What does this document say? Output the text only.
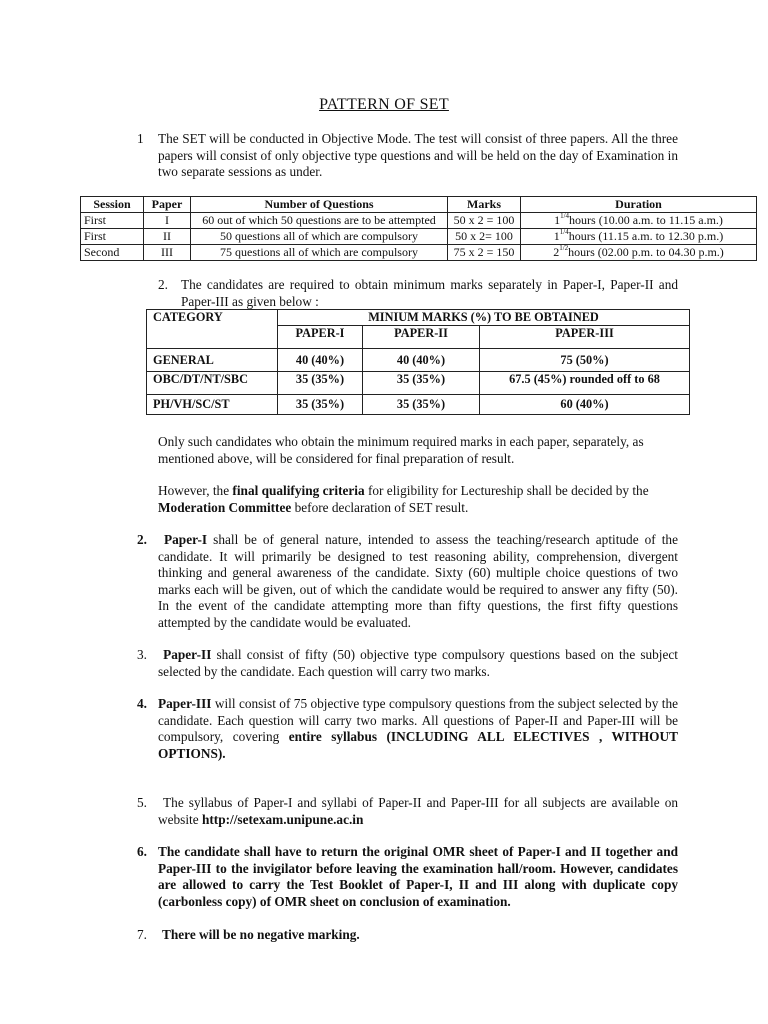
PATTERN OF SET
1 The SET will be conducted in Objective Mode. The test will consist of three papers. All the three papers will consist of only objective type questions and will be held on the day of Examination in two separate sessions as under.
Session	Paper	Number of Questions	Marks	Duration
First	I	60 out of which 50 questions are to be attempted	50 x 2 = 100	$1^{1/4}hours$ (10.00 a.m. to 11.15 a.m.)
First	II	50 questions all of which are compulsory	50 x 2= 100	$1^{1/4}hours$ (11.15 a.m. to 12.30 p.m.)
Second	III	75 questions all of which are compulsory	75 x 2 = 150	$2^{1/2}hours$ (02.00 p.m. to 04.30 p.m.)
2. The candidates are required to obtain minimum marks separately in Paper-I, Paper-II and Paper-III as given below :
CATEGORY	MINIUM MARKS (%) TO BE OBTAINED		
	PAPER-I	PAPER-II	PAPER-III
GENERAL	40 (40%)	40 (40%)	75 (50%)
OBC/DT/NT/SBC	35 (35%)	35 (35%)	67.5 (45%) rounded off to 68
PH/VH/SC/ST	35 (35%)	35 (35%)	60 (40%)
Only such candidates who obtain the minimum required marks in each paper, separately, as mentioned above, will be considered for final preparation of result.
However, the final qualifying criteria for eligibility for Lectureship shall be decided by the Moderation Committee before declaration of SET result.
2.	Paper-I shall be of general nature, intended to assess the teaching/research aptitude of the candidate. It will primarily be designed to test reasoning ability, comprehension, divergent thinking and general awareness of the candidate. Sixty (60) multiple choice questions of two marks each will be given, out of which the candidate would be required to answer any fifty (50). In the event of the candidate attempting more than fifty questions, the first fifty questions attempted by the candidate would be evaluated.
3.	Paper-II shall consist of fifty (50) objective type compulsory questions based on the subject selected by the candidate. Each question will carry two marks.
4. Paper-III will consist of 75 objective type compulsory questions from the subject selected by the candidate. Each question will carry two marks. All questions of Paper-II and Paper-III will be compulsory, covering entire syllabus (INCLUDING ALL ELECTIVES , WITHOUT OPTIONS).
5.	The syllabus of Paper-I and syllabi of Paper-II and Paper-III for all subjects are available on website http://setexam.unipune.ac.in
6. The candidate shall have to return the original OMR sheet of Paper-I and II together and Paper-III to the invigilator before leaving the examination hall/room. However, candidates are allowed to carry the Test Booklet of Paper-I, II and III along with duplicate copy (carbonless copy) of OMR sheet on conclusion of examination.
7. There will be no negative marking.
